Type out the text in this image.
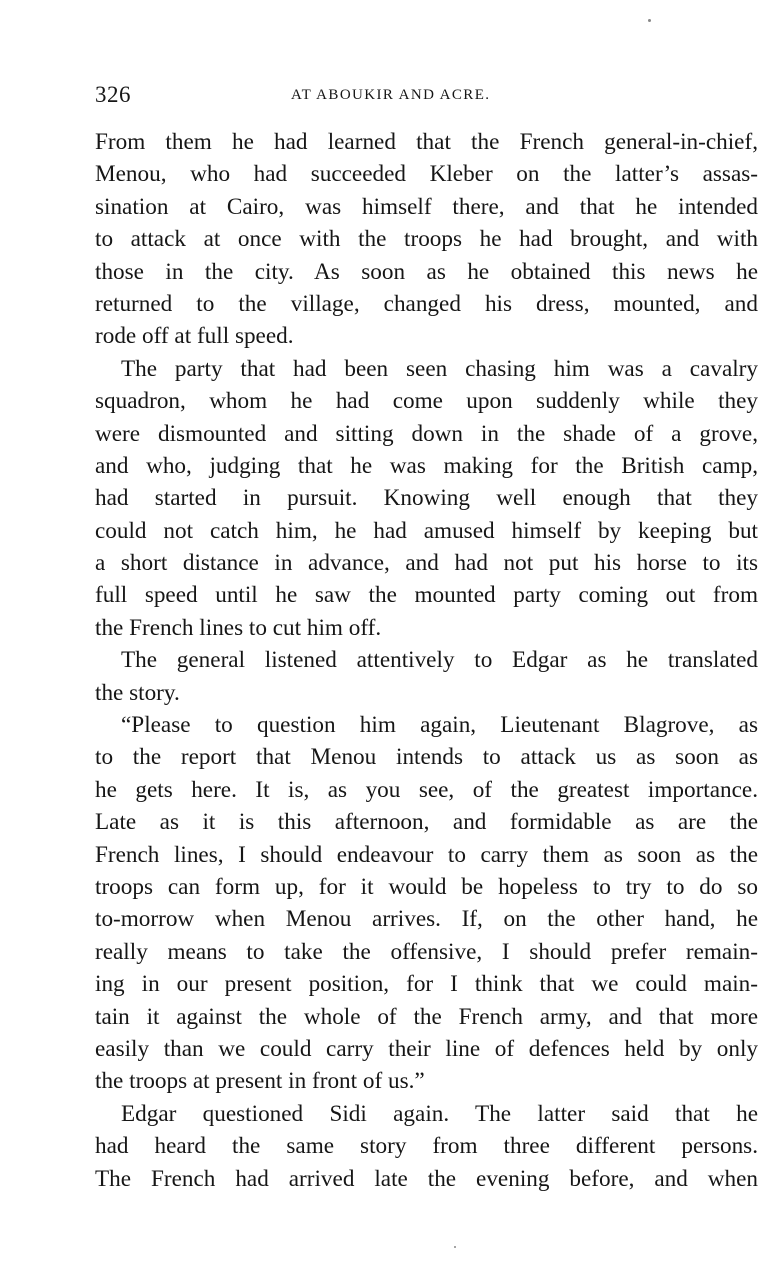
326	AT ABOUKIR AND ACRE.
From them he had learned that the French general-in-chief,
Menou, who had succeeded Kleber on the latter’s assas-
sination at Cairo, was himself there, and that he intended
to attack at once with the troops he had brought, and with
those in the city. As soon as he obtained this news he
returned to the village, changed his dress, mounted, and
rode off at full speed.
The party that had been seen chasing him was a cavalry
squadron, whom he had come upon suddenly while they
were dismounted and sitting down in the shade of a grove,
and who, judging that he was making for the British camp,
had started in pursuit. Knowing well enough that they
could not catch him, he had amused himself by keeping but
a short distance in advance, and had not put his horse to its
full speed until he saw the mounted party coming out from
the French lines to cut him off.
The general listened attentively to Edgar as he translated
the story.
“Please to question him again, Lieutenant Blagrove, as
to the report that Menou intends to attack us as soon as
he gets here. It is, as you see, of the greatest importance.
Late as it is this afternoon, and formidable as are the
French lines, I should endeavour to carry them as soon as the
troops can form up, for it would be hopeless to try to do so
to-morrow when Menou arrives. If, on the other hand, he
really means to take the offensive, I should prefer remain-
ing in our present position, for I think that we could main-
tain it against the whole of the French army, and that more
easily than we could carry their line of defences held by only
the troops at present in front of us.”
Edgar questioned Sidi again. The latter said that he
had heard the same story from three different persons.
The French had arrived late the evening before, and when
